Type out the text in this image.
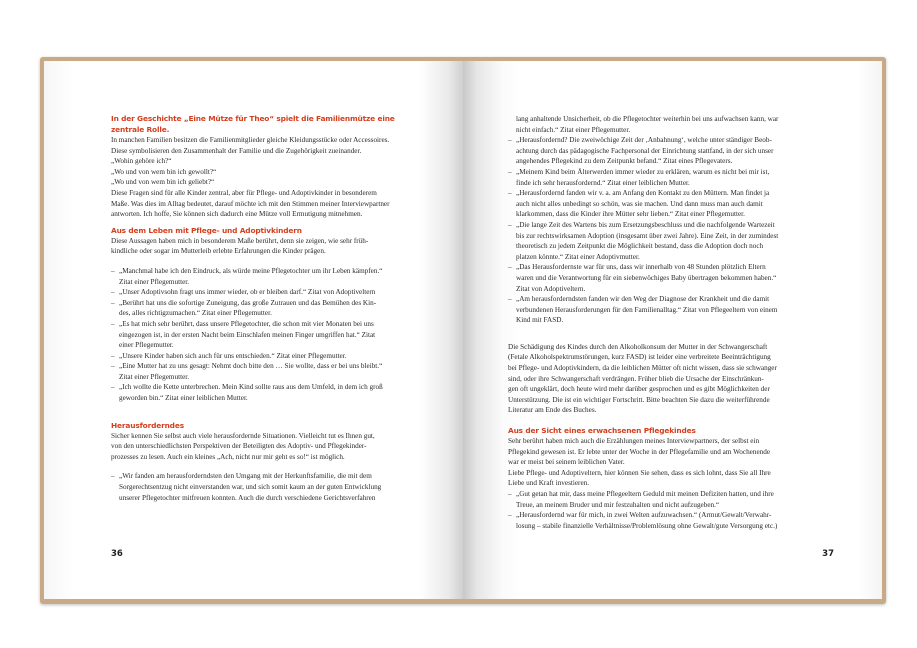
In der Geschichte „Eine Mütze für Theo“ spielt die Familienmütze eine zentrale Rolle.

In manchen Familien besitzen die Familienmitglieder gleiche Kleidungsstücke oder Accessoires.

Diese symbolisieren den Zusammenhalt der Familie und die Zugehörigkeit zueinander.

„Wohin gehöre ich?“

„Wo und von wem bin ich gewollt?“

„Wo und von wem bin ich geliebt?“

Diese Fragen sind für alle Kinder zentral, aber für Pflege- und Adoptivkinder in besonderem

Maße. Was dies im Alltag bedeutet, darauf möchte ich mit den Stimmen meiner Interviewpartner

antworten. Ich hoffe, Sie können sich dadurch eine Mütze voll Ermutigung mitnehmen.

Aus dem Leben mit Pflege- und Adoptivkindern

Diese Aussagen haben mich in besonderem Maße berührt, denn sie zeigen, wie sehr früh-

kindliche oder sogar im Mutterleib erlebte Erfahrungen die Kinder prägen.

– „Manchmal habe ich den Eindruck, als würde meine Pflegetochter um ihr Leben kämpfen.“

Zitat einer Pflegemutter.

– „Unser Adoptivsohn fragt uns immer wieder, ob er bleiben darf.“ Zitat von Adoptiveltern

– „Berührt hat uns die sofortige Zuneigung, das große Zutrauen und das Bemühen des Kin-

des, alles richtigzumachen.“ Zitat einer Pflegemutter.

– „Es hat mich sehr berührt, dass unsere Pflegetochter, die schon mit vier Monaten bei uns

eingezogen ist, in der ersten Nacht beim Einschlafen meinen Finger umgriffen hat.“ Zitat

einer Pflegemutter.

– „Unsere Kinder haben sich auch für uns entschieden.“ Zitat einer Pflegemutter.

– „Eine Mutter hat zu uns gesagt: Nehmt doch bitte den … Sie wollte, dass er bei uns bleibt.“

Zitat einer Pflegemutter.

– „Ich wollte die Kette unterbrechen. Mein Kind sollte raus aus dem Umfeld, in dem ich groß

geworden bin.“ Zitat einer leiblichen Mutter.

Herausforderndes

Sicher kennen Sie selbst auch viele herausfordernde Situationen. Vielleicht tut es Ihnen gut,

von den unterschiedlichsten Perspektiven der Beteiligten des Adoptiv- und Pflegekinder-

prozesses zu lesen. Auch ein kleines „Ach, nicht nur mir geht es so!“ ist möglich.

– „Wir fanden am herausforderndsten den Umgang mit der Herkunftsfamilie, die mit dem

Sorgerechtsentzug nicht einverstanden war, und sich somit kaum an der guten Entwicklung

unserer Pflegetochter mitfreuen konnten. Auch die durch verschiedene Gerichtsverfahren

36

lang anhaltende Unsicherheit, ob die Pflegetochter weiterhin bei uns aufwachsen kann, war

nicht einfach.“ Zitat einer Pflegemutter.

– „Herausfordernd? Die zweiwöchige Zeit der ‚Anbahnung‘, welche unter ständiger Beob-

achtung durch das pädagogische Fachpersonal der Einrichtung stattfand, in der sich unser

angehendes Pflegekind zu dem Zeitpunkt befand.“ Zitat eines Pflegevaters.

– „Meinem Kind beim Älterwerden immer wieder zu erklären, warum es nicht bei mir ist,

finde ich sehr herausfordernd.“ Zitat einer leiblichen Mutter.

– „Herausfordernd fanden wir v. a. am Anfang den Kontakt zu den Müttern. Man findet ja

auch nicht alles unbedingt so schön, was sie machen. Und dann muss man auch damit

klarkommen, dass die Kinder ihre Mütter sehr lieben.“ Zitat einer Pflegemutter.

– „Die lange Zeit des Wartens bis zum Ersetzungsbeschluss und die nachfolgende Wartezeit

bis zur rechtswirksamen Adoption (insgesamt über zwei Jahre). Eine Zeit, in der zumindest

theoretisch zu jedem Zeitpunkt die Möglichkeit bestand, dass die Adoption doch noch

platzen könnte.“ Zitat einer Adoptivmutter.

– „Das Herausfordernste war für uns, dass wir innerhalb von 48 Stunden plötzlich Eltern

waren und die Verantwortung für ein siebenwöchiges Baby übertragen bekommen haben.“

Zitat von Adoptiveltern.

– „Am herausforderndsten fanden wir den Weg der Diagnose der Krankheit und die damit

verbundenen Herausforderungen für den Familienalltag.“ Zitat von Pflegeeltern von einem

Kind mit FASD.

Die Schädigung des Kindes durch den Alkoholkonsum der Mutter in der Schwangerschaft

(Fetale Alkoholspektrumstörungen, kurz FASD) ist leider eine verbreitete Beeinträchtigung

bei Pflege- und Adoptivkindern, da die leiblichen Mütter oft nicht wissen, dass sie schwanger

sind, oder ihre Schwangerschaft verdrängen. Früher blieb die Ursache der Einschränkun-

gen oft ungeklärt, doch heute wird mehr darüber gesprochen und es gibt Möglichkeiten der

Unterstützung. Die ist ein wichtiger Fortschritt. Bitte beachten Sie dazu die weiterführende

Literatur am Ende des Buches.

Aus der Sicht eines erwachsenen Pflegekindes

Sehr berührt haben mich auch die Erzählungen meines Interviewpartners, der selbst ein

Pflegekind gewesen ist. Er lebte unter der Woche in der Pflegefamilie und am Wochenende

war er meist bei seinem leiblichen Vater.

Liebe Pflege- und Adoptiveltern, hier können Sie sehen, dass es sich lohnt, dass Sie all Ihre

Liebe und Kraft investieren.

– „Gut getan hat mir, dass meine Pflegeeltern Geduld mit meinen Defiziten hatten, und ihre

Treue, an meinem Bruder und mir festzuhalten und nicht aufzugeben.“

– „Herausfordernd war für mich, in zwei Welten aufzuwachsen.“ (Armut/Gewalt/Verwahr-

losung – stabile finanzielle Verhältnisse/Problemlösung ohne Gewalt/gute Versorgung etc.)

37
